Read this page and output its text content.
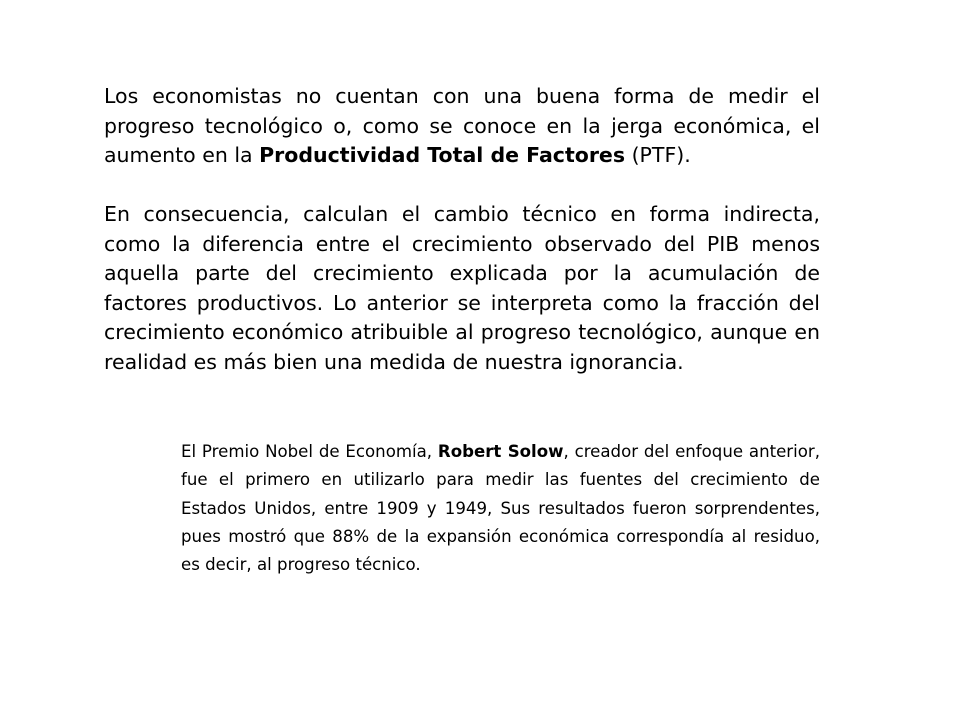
Los economistas no cuentan con una buena forma de medir el progreso tecnológico o, como se conoce en la jerga económica, el aumento en la Productividad Total de Factores (PTF).

En consecuencia, calculan el cambio técnico en forma indirecta, como la diferencia entre el crecimiento observado del PIB menos aquella parte del crecimiento explicada por la acumulación de factores productivos. Lo anterior se interpreta como la fracción del crecimiento económico atribuible al progreso tecnológico, aunque en realidad es más bien una medida de nuestra ignorancia.

El Premio Nobel de Economía, Robert Solow, creador del enfoque anterior, fue el primero en utilizarlo para medir las fuentes del crecimiento de Estados Unidos, entre 1909 y 1949, Sus resultados fueron sorprendentes, pues mostró que 88% de la expansión económica correspondía al residuo, es decir, al progreso técnico.
